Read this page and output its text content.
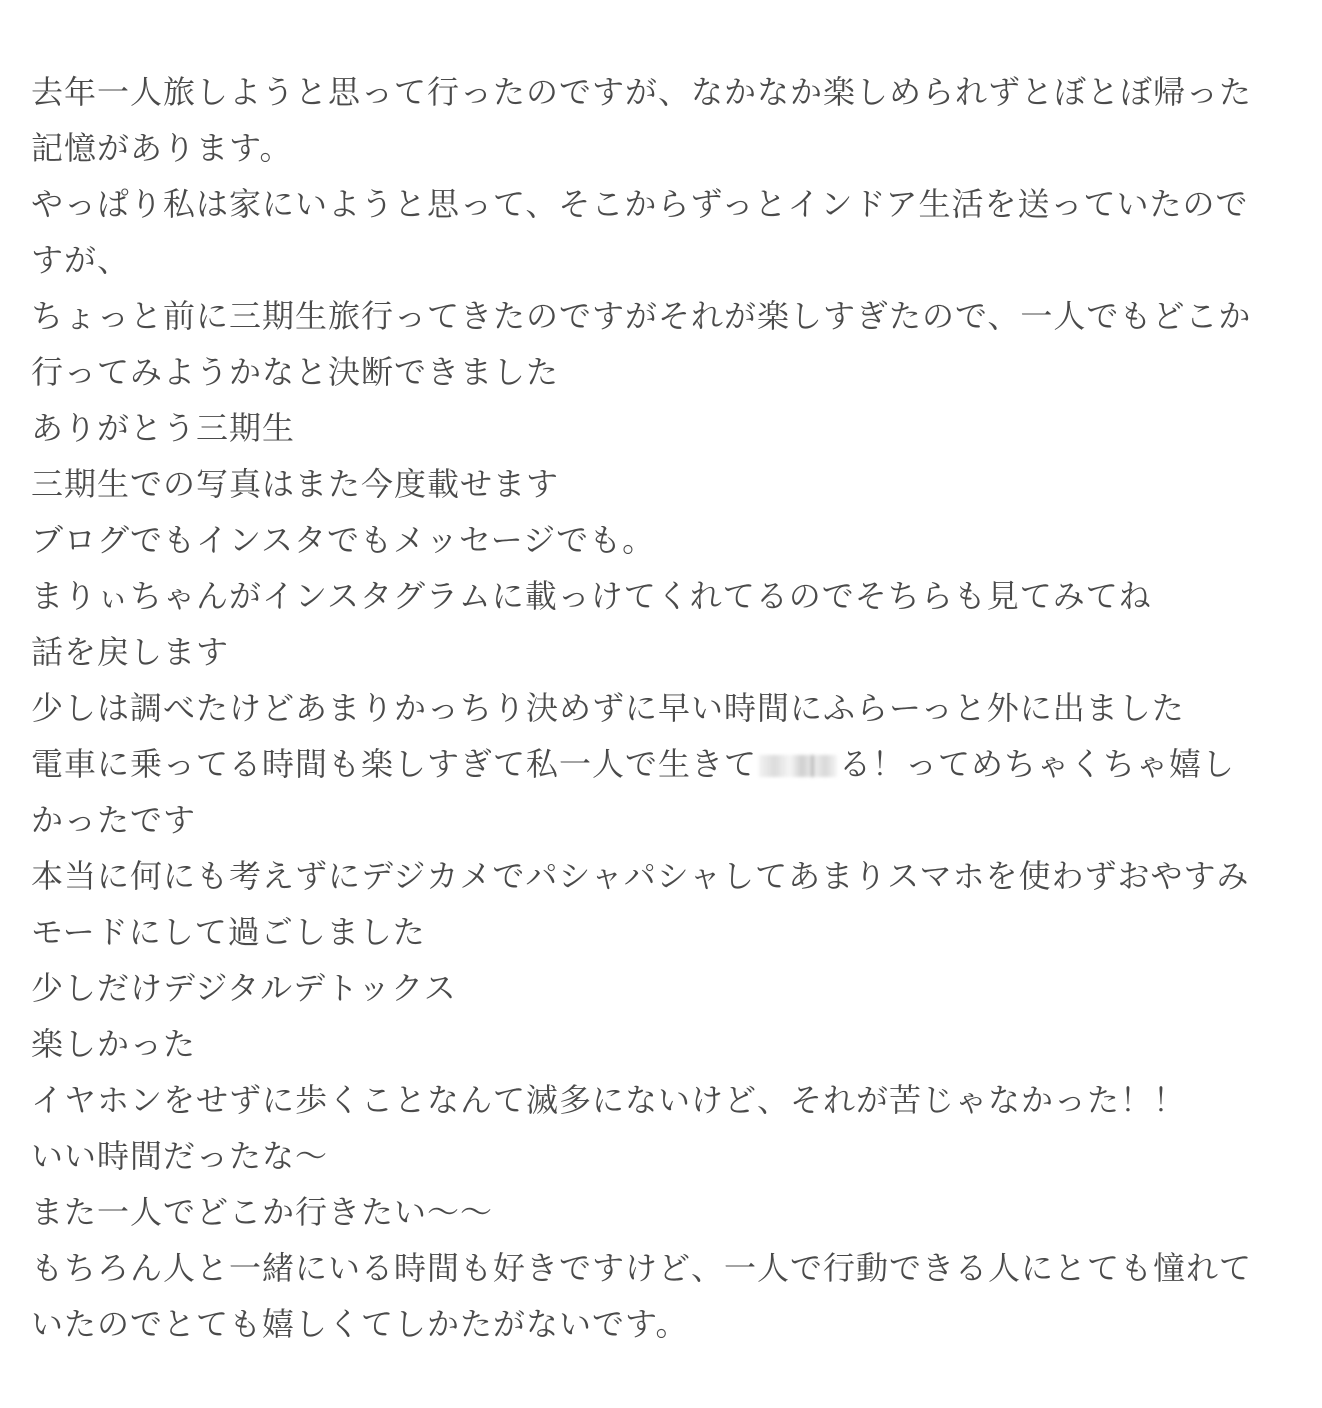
去年一人旅しようと思って行ったのですが、なかなか楽しめられずとぼとぼ帰った記憶があります。

やっぱり私は家にいようと思って、そこからずっとインドア生活を送っていたのですが、

ちょっと前に三期生旅行ってきたのですがそれが楽しすぎたので、一人でもどこか行ってみようかなと決断できました

ありがとう三期生

三期生での写真はまた今度載せます

ブログでもインスタでもメッセージでも。

まりぃちゃんがインスタグラムに載っけてくれてるのでそちらも見てみてね

話を戻します

少しは調べたけどあまりかっちり決めずに早い時間にふらーっと外に出ました

電車に乗ってる時間も楽しすぎて私一人で生きて	る！ってめちゃくちゃ嬉しかったです

本当に何にも考えずにデジカメでパシャパシャしてあまりスマホを使わずおやすみモードにして過ごしました

少しだけデジタルデトックス

楽しかった

イヤホンをせずに歩くことなんて滅多にないけど、それが苦じゃなかった！！

いい時間だったな〜

また一人でどこか行きたい〜〜

もちろん人と一緒にいる時間も好きですけど、一人で行動できる人にとても憧れていたのでとても嬉しくてしかたがないです。
